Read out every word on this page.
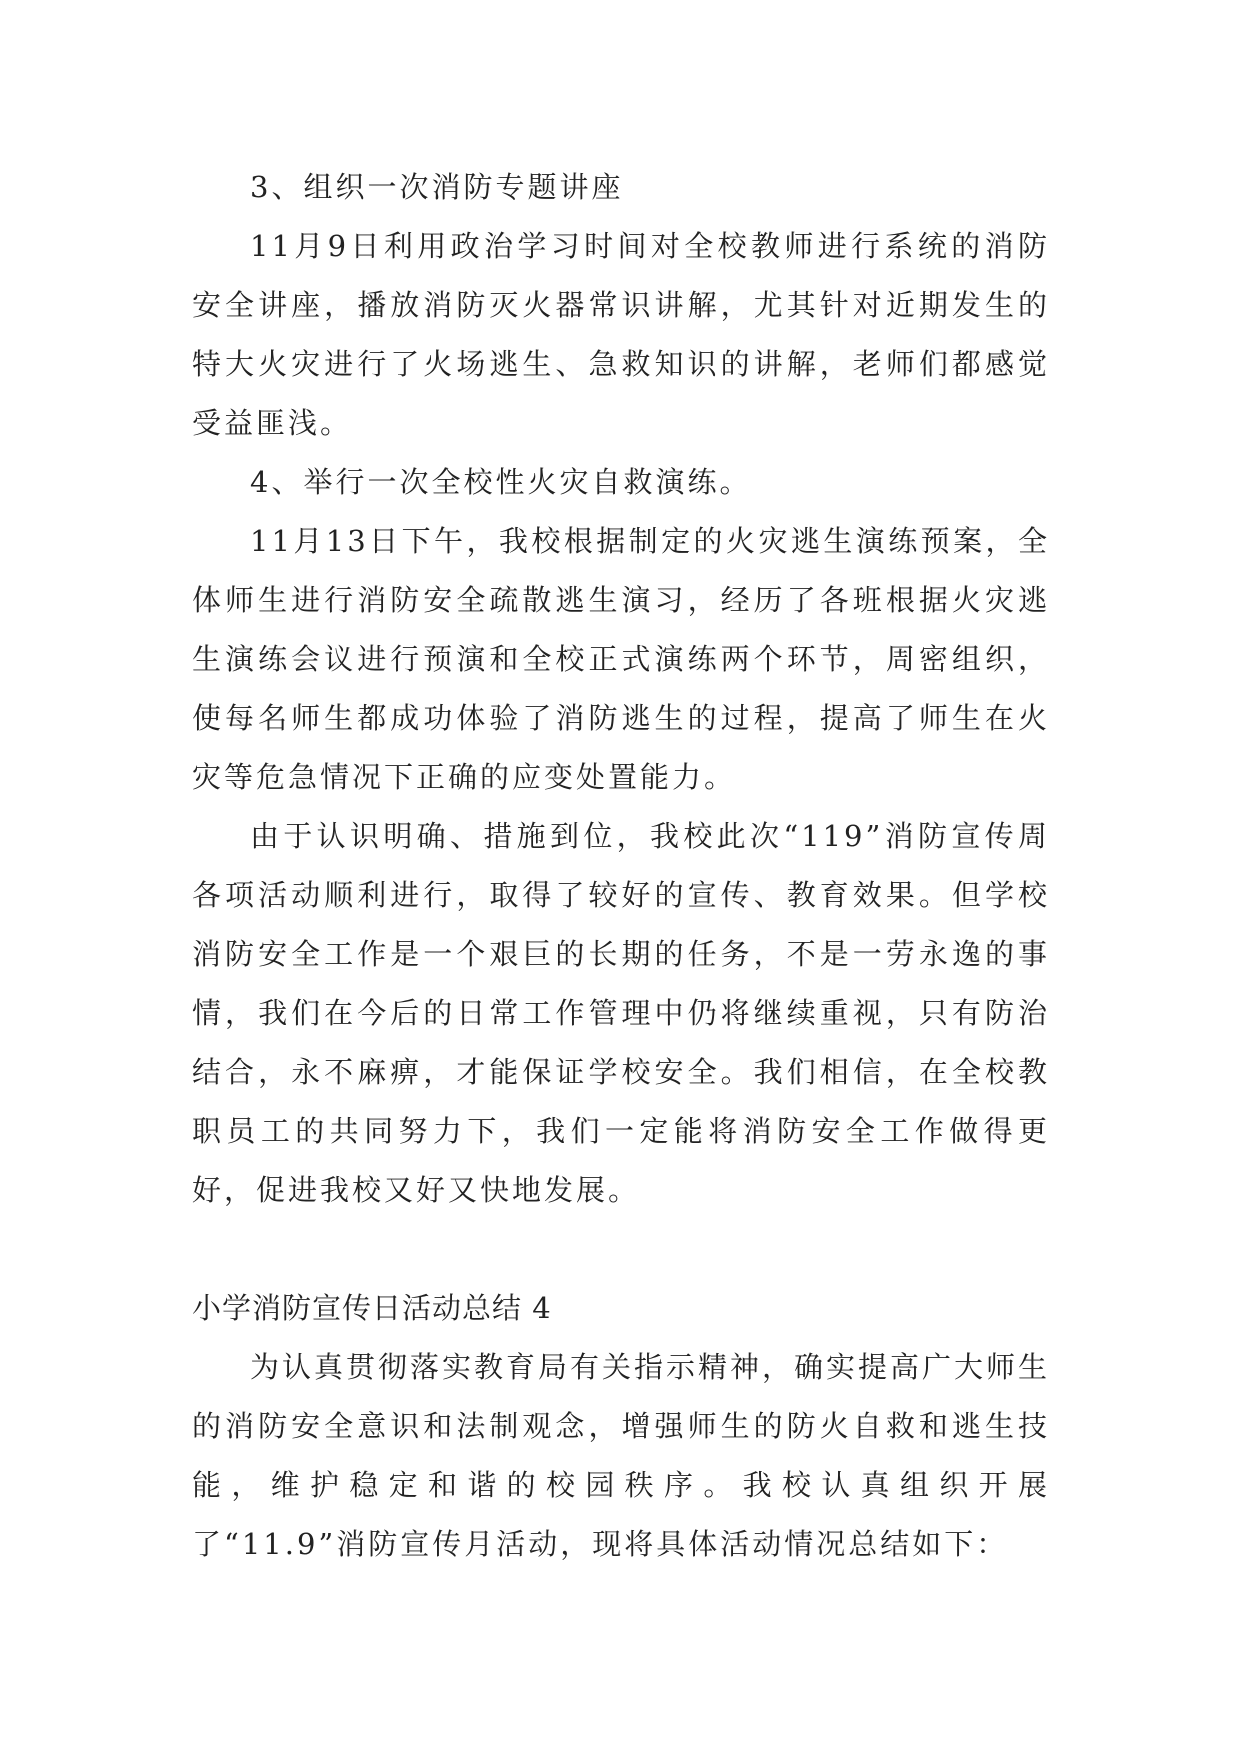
3、组织一次消防专题讲座

11月9日利用政治学习时间对全校教师进行系统的消防安全讲座，播放消防灭火器常识讲解，尤其针对近期发生的特大火灾进行了火场逃生、急救知识的讲解，老师们都感觉受益匪浅。

4、举行一次全校性火灾自救演练。

11月13日下午，我校根据制定的火灾逃生演练预案，全体师生进行消防安全疏散逃生演习，经历了各班根据火灾逃生演练会议进行预演和全校正式演练两个环节，周密组织，使每名师生都成功体验了消防逃生的过程，提高了师生在火灾等危急情况下正确的应变处置能力。

由于认识明确、措施到位，我校此次“119”消防宣传周各项活动顺利进行，取得了较好的宣传、教育效果。但学校消防安全工作是一个艰巨的长期的任务，不是一劳永逸的事情，我们在今后的日常工作管理中仍将继续重视，只有防治结合，永不麻痹，才能保证学校安全。我们相信，在全校教职员工的共同努力下，我们一定能将消防安全工作做得更好，促进我校又好又快地发展。

小学消防宣传日活动总结 4

为认真贯彻落实教育局有关指示精神，确实提高广大师生的消防安全意识和法制观念，增强师生的防火自救和逃生技能，维护稳定和谐的校园秩序。我校认真组织开展了“11.9”消防宣传月活动，现将具体活动情况总结如下：
